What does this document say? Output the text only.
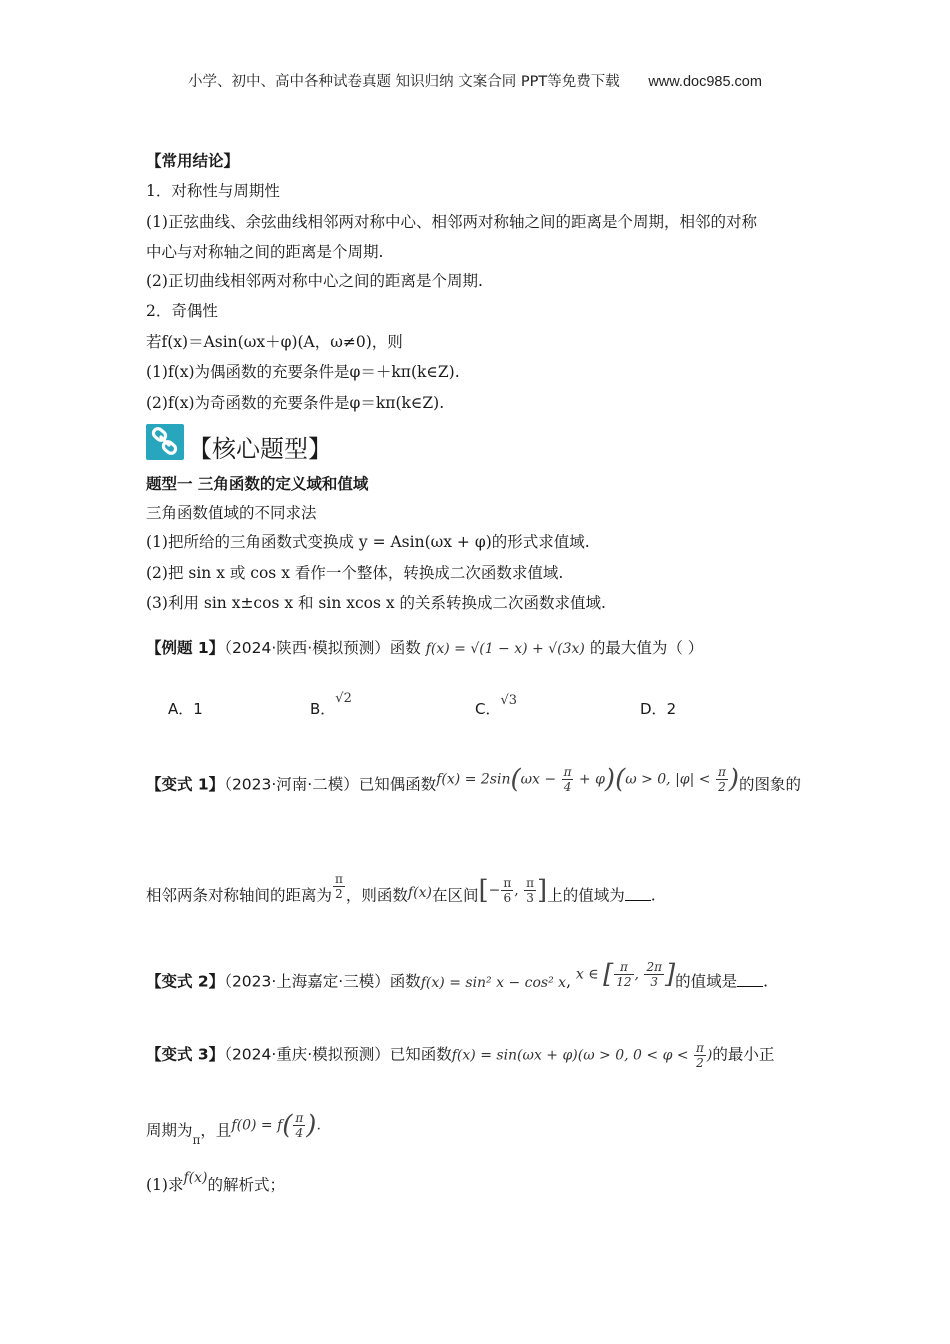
小学、初中、高中各种试卷真题 知识归纳 文案合同 PPT等免费下载 www.doc985.com
【常用结论】
1．对称性与周期性
(1)正弦曲线、余弦曲线相邻两对称中心、相邻两对称轴之间的距离是个周期，相邻的对称
中心与对称轴之间的距离是个周期.
(2)正切曲线相邻两对称中心之间的距离是个周期.
2．奇偶性
若f(x)＝Asin(ωx＋φ)(A，ω≠0)，则
(1)f(x)为偶函数的充要条件是φ＝＋kπ(k∈Z).
(2)f(x)为奇函数的充要条件是φ＝kπ(k∈Z).
【核心题型】
题型一 三角函数的定义域和值域
三角函数值域的不同求法
(1)把所给的三角函数式变换成 y = Asin(ωx + φ)的形式求值域.
(2)把 sin x 或 cos x 看作一个整体，转换成二次函数求值域.
(3)利用 sin x±cos x 和 sin xcos x 的关系转换成二次函数求值域.
【例题 1】（2024·陕西·模拟预测）函数 f(x) = √(1 − x) + √(3x) 的最大值为（ ）
A．1	B．√2
C．√3	D．2
【变式 1】（2023·河南·二模）已知偶函数$f(x) = 2\sin(\omega x - \frac{\pi}{4} + \varphi)(\omega > 0$, $|\varphi| < \frac{\pi}{2}$ )的图象的
相邻两条对称轴间的距离为 $\frac{\pi}{2}$ ，则函数f(x)在区间[− $\frac{\pi}{6}$ , $\frac{\pi}{3}$ ]上的值域为 .
【变式 2】（2023·上海嘉定·三模）函数f(x) = sin² x − cos² x, x ∈ [ $\frac{\pi}{12}$ , $\frac{2\pi}{3}$ ]的值域是 .
【变式 3】（2024·重庆·模拟预测）已知函数f(x) = sin(ωx + φ)(ω > 0, $0 < \varphi < \frac{\pi}{2}$ )的最小正
周期为π，且$f(0) = f( \frac{\pi}{4}$ ).
(1)求f(x)的解析式；
